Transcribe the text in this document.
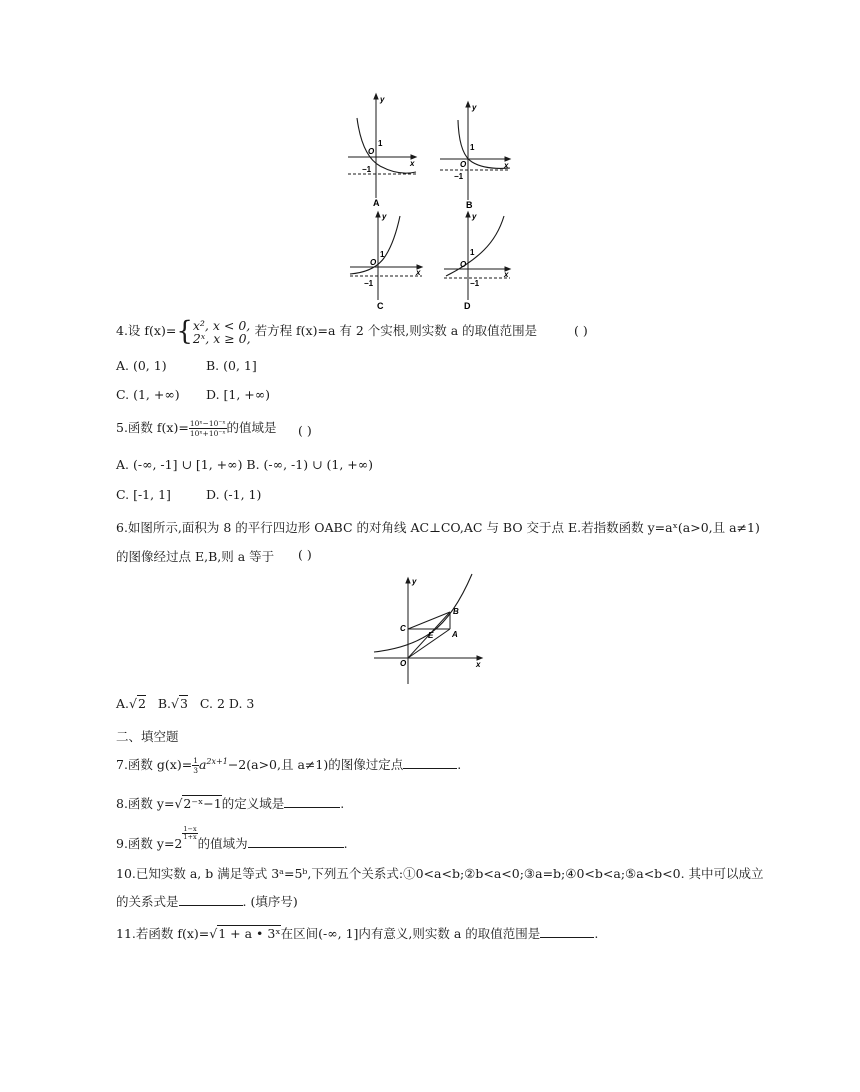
y
x
1
O
−1
A
y
x
1
O
−1
B
y
x
1
O
−1
C
y
x
1
O
−1
D
4.设 f(x)={ x², x < 0,
2ˣ, x ≥ 0, 若方程 f(x)=a 有 2 个实根,则实数 a 的取值范围是	( )
A. (0, 1)	B. (0, 1]
C. (1, +∞) D. [1, +∞)
5.函数 $f(x)= \frac{\text{10ˣ−10⁻ˣ}}{\text{10ˣ+10⁻ˣ}}$ 的值域是 ( )
A. (-∞, -1] ∪ [1, +∞) B. (-∞, -1) ∪ (1, +∞)
C. [-1, 1]	D. (-1, 1)
6.如图所示,面积为 8 的平行四边形 OABC 的对角线 AC⊥CO,AC 与 BO 交于点 E.若指数函数 y=aˣ(a>0,且 a≠1)
的图像经过点 E,B,则 a 等于 ( )
y
x
O
C
E A
B
A.√2 B.√3 C. 2 D. 3
二、填空题
7.函数 $g(x)= \frac{1}{3} a^{2x+1}-2(a>0$,且 a≠1)的图像过定点	.
8.函数 y=√2⁻ˣ−1的定义域是	.
9.函数 y=2
$\frac{1-x}{1+x}$
的值域为	.
10.已知实数 a, b 满足等式 3ᵃ=5ᵇ,下列五个关系式:①0<a<b;②b<a<0;③a=b;④0<b<a;⑤a<b<0. 其中可以成立
的关系式是	. (填序号)
11.若函数 f(x)=√1 + a • 3ˣ在区间(-∞, 1]内有意义,则实数 a 的取值范围是	.
